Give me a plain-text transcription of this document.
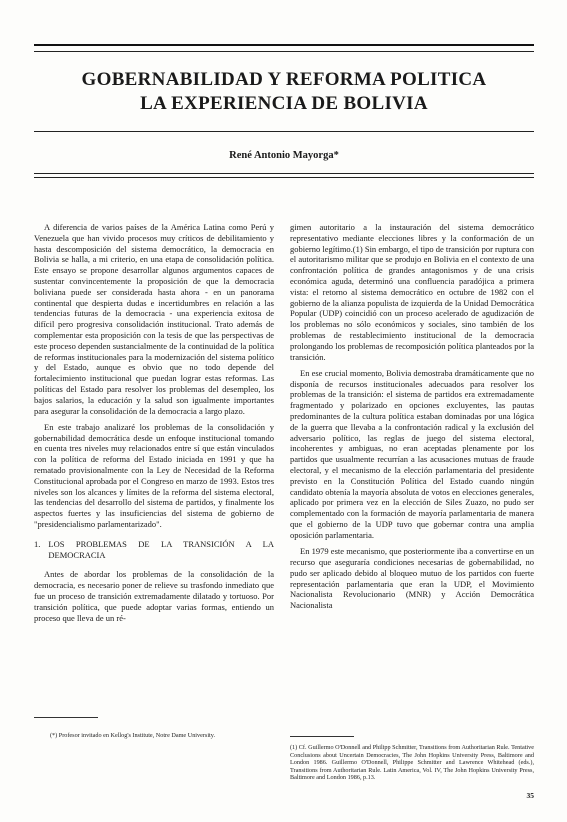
GOBERNABILIDAD Y REFORMA POLITICA
LA EXPERIENCIA DE BOLIVIA
René Antonio Mayorga*

A diferencia de varios países de la América Latina como Perú y Venezuela que han vivido procesos muy críticos de debilitamiento y hasta descomposición del sistema democrático, la democracia en Bolivia se halla, a mi criterio, en una etapa de consolidación política. Este ensayo se propone desarrollar algunos argumentos capaces de sustentar convincentemente la proposición de que la democracia boliviana puede ser considerada hasta ahora - en un panorama continental que despierta dudas e incertidumbres en relación a las tendencias futuras de la democracia - una experiencia exitosa de difícil pero progresiva consolidación institucional. Trato además de complementar esta proposición con la tesis de que las perspectivas de este proceso dependen sustancialmente de la continuidad de la política de reformas institucionales para la modernización del sistema político y del Estado, aunque es obvio que no todo depende del fortalecimiento institucional que puedan lograr estas reformas. Las políticas del Estado para resolver los problemas del desempleo, los bajos salarios, la educación y la salud son igualmente importantes para asegurar la consolidación de la democracia a largo plazo.

En este trabajo analizaré los problemas de la consolidación y gobernabilidad democrática desde un enfoque institucional tomando en cuenta tres niveles muy relacionados entre sí que están vinculados con la política de reforma del Estado iniciada en 1991 y que ha rematado provisionalmente con la Ley de Necesidad de la Reforma Constitucional aprobada por el Congreso en marzo de 1993. Estos tres niveles son los alcances y límites de la reforma del sistema electoral, las tendencias del desarrollo del sistema de partidos, y finalmente los aspectos fuertes y las insuficiencias del sistema de gobierno de "presidencialismo parlamentarizado".

1. LOS PROBLEMAS DE LA TRANSICIÓN A LA DEMOCRACIA

Antes de abordar los problemas de la consolidación de la democracia, es necesario poner de relieve su trasfondo inmediato que fue un proceso de transición extremadamente dilatado y tortuoso. Por transición política, que puede adoptar varias formas, entiendo un proceso que lleva de un ré-

gimen autoritario a la instauración del sistema democrático representativo mediante elecciones libres y la conformación de un gobierno legítimo.(1) Sin embargo, el tipo de transición por ruptura con el autoritarismo militar que se produjo en Bolivia en el contexto de una confrontación política de grandes antagonismos y de una crisis económica aguda, determinó una confluencia paradójica a primera vista: el retorno al sistema democrático en octubre de 1982 con el gobierno de la alianza populista de izquierda de la Unidad Democrática Popular (UDP) coincidió con un proceso acelerado de agudización de los problemas no sólo económicos y sociales, sino también de los problemas de restablecimiento institucional de la democracia prolongando los problemas de recomposición política planteados por la transición.

En ese crucial momento, Bolivia demostraba dramáticamente que no disponía de recursos institucionales adecuados para resolver los problemas de la transición: el sistema de partidos era extremadamente fragmentado y polarizado en opciones excluyentes, las pautas predominantes de la cultura política estaban dominadas por una lógica de la guerra que llevaba a la confrontación radical y la exclusión del adversario político, las reglas de juego del sistema electoral, incoherentes y ambiguas, no eran aceptadas plenamente por los partidos que usualmente recurrían a las acusaciones mutuas de fraude electoral, y el mecanismo de la elección parlamentaria del presidente previsto en la Constitución Política del Estado cuando ningún candidato obtenía la mayoría absoluta de votos en elecciones generales, aplicado por primera vez en la elección de Siles Zuazo, no pudo ser complementado con la formación de mayoría parlamentaria de manera que el gobierno de la UDP tuvo que gobernar contra una amplia oposición parlamentaria.

En 1979 este mecanismo, que posteriormente iba a convertirse en un recurso que aseguraría condiciones necesarias de gobernabilidad, no pudo ser aplicado debido al bloqueo mutuo de los partidos con fuerte representación parlamentaria que eran la UDP, el Movimiento Nacionalista Revolucionario (MNR) y Acción Democrática Nacionalista

(*) Profesor invitado en Kellog's Institute, Notre Dame University.
(1) Cf. Guillermo O'Donnell and Philipp Schmitter, Transitions from Authoritarian Rule. Tentative Conclusions about Uncertain Democracies, The John Hopkins University Press, Baltimore and London 1986. Guillermo O'Donnell, Philippe Schmitter and Lawrence Whitehead (eds.), Transitions from Authoritarian Rule. Latin America, Vol. IV, The John Hopkins University Press, Baltimore and London 1986, p.13.
35
